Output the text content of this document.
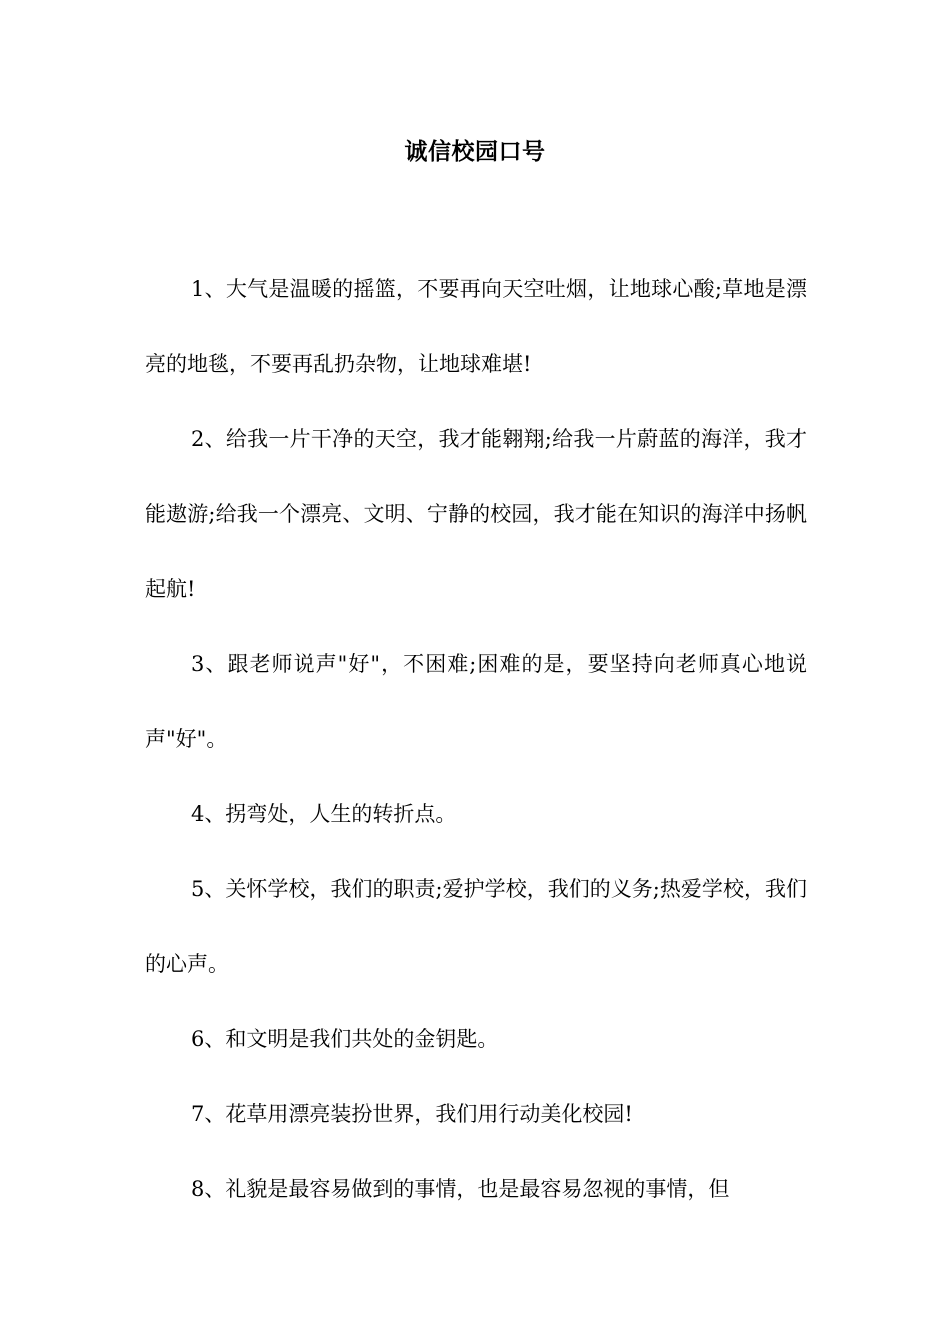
诚信校园口号

1、大气是温暖的摇篮，不要再向天空吐烟，让地球心酸;草地是漂亮的地毯，不要再乱扔杂物，让地球难堪!

2、给我一片干净的天空，我才能翱翔;给我一片蔚蓝的海洋，我才能遨游;给我一个漂亮、文明、宁静的校园，我才能在知识的海洋中扬帆起航!

3、跟老师说声"好"，不困难;困难的是，要坚持向老师真心地说声"好"。

4、拐弯处，人生的转折点。

5、关怀学校，我们的职责;爱护学校，我们的义务;热爱学校，我们的心声。

6、和文明是我们共处的金钥匙。

7、花草用漂亮装扮世界，我们用行动美化校园!

8、礼貌是最容易做到的事情，也是最容易忽视的事情，但
